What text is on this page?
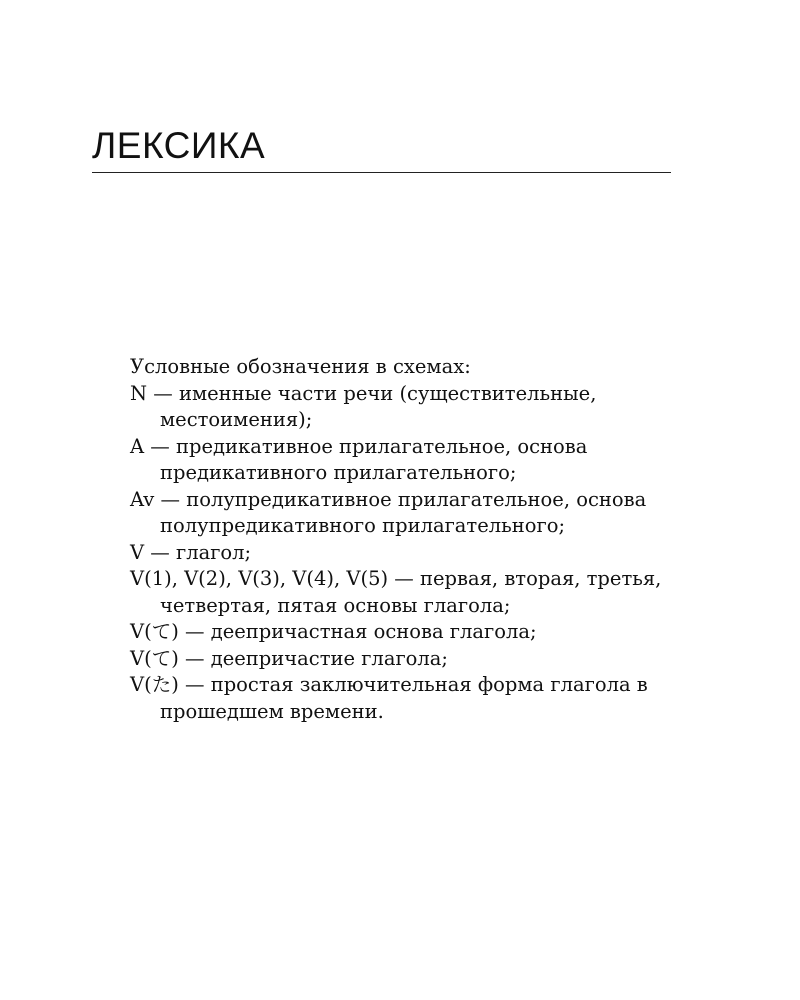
ЛЕКСИКА

Условные обозначения в схемах:

N — именные части речи (существительные, местоимения);
A — предикативное прилагательное, основа предикативного прилагательного;
Av — полупредикативное прилагательное, основа полупредикативного прилагательного;
V — глагол;
V(1), V(2), V(3), V(4), V(5) — первая, вторая, третья, четвертая, пятая основы глагола;
V(て) — деепричастная основа глагола;
V(て) — деепричастие глагола;
V(た) — простая заключительная форма глагола в прошедшем времени.
